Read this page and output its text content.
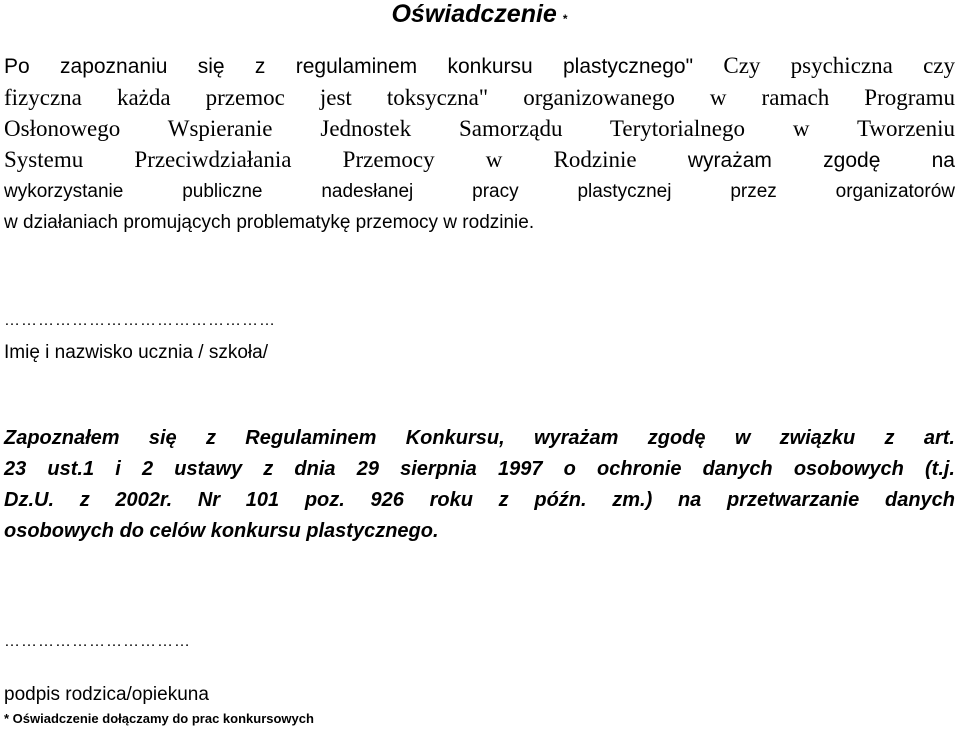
Oświadczenie *
Po zapoznaniu się z regulaminem konkursu plastycznego" Czy psychiczna czy
fizyczna każda przemoc jest toksyczna" organizowanego w ramach Programu
Osłonowego Wspieranie Jednostek Samorządu Terytorialnego w Tworzeniu
Systemu Przeciwdziałania Przemocy w Rodzinie wyrażam zgodę na
wykorzystanie publiczne nadesłanej pracy plastycznej przez organizatorów
w działaniach promujących problematykę przemocy w rodzinie.
…………………………………………
Imię i nazwisko ucznia / szkoła/
Zapoznałem się z Regulaminem Konkursu, wyrażam zgodę w związku z art.
23 ust.1 i 2 ustawy z dnia 29 sierpnia 1997 o ochronie danych osobowych (t.j.
Dz.U. z 2002r. Nr 101 poz. 926 roku z późn. zm.) na przetwarzanie danych
osobowych do celów konkursu plastycznego.
……………………………
podpis rodzica/opiekuna
* Oświadczenie dołączamy do prac konkursowych
